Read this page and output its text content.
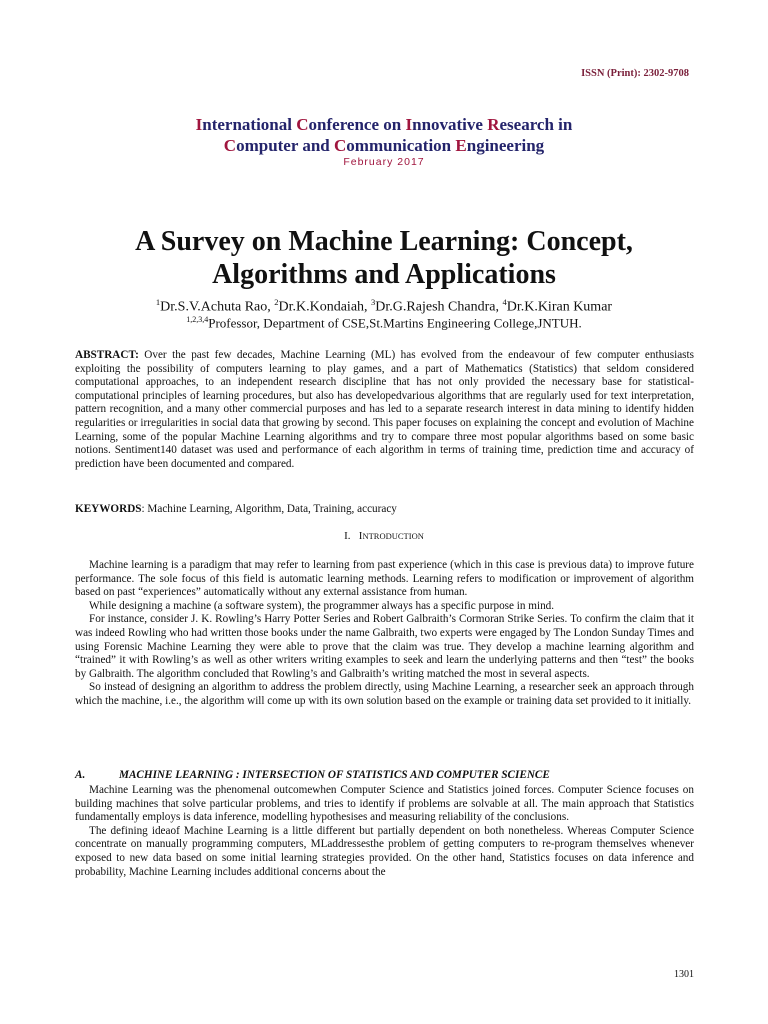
ISSN (Print): 2302-9708
International Conference on Innovative Research in
Computer and Communication Engineering
February 2017
A Survey on Machine Learning: Concept,
Algorithms and Applications
$^1$Dr.S.V.Achuta Rao, $^2$Dr.K.Kondaiah, $^3$Dr.G.Rajesh Chandra, $^4$Dr.K.Kiran Kumar
$^{1,2,3,4}$Professor, Department of CSE,St.Martins Engineering College,JNTUH.
ABSTRACT: Over the past few decades, Machine Learning (ML) has evolved from the endeavour of few computer enthusiasts exploiting the possibility of computers learning to play games, and a part of Mathematics (Statistics) that seldom considered computational approaches, to an independent research discipline that has not only provided the necessary base for statistical-computational principles of learning procedures, but also has developedvarious algorithms that are regularly used for text interpretation, pattern recognition, and a many other commercial purposes and has led to a separate research interest in data mining to identify hidden regularities or irregularities in social data that growing by second. This paper focuses on explaining the concept and evolution of Machine Learning, some of the popular Machine Learning algorithms and try to compare three most popular algorithms based on some basic notions. Sentiment140 dataset was used and performance of each algorithm in terms of training time, prediction time and accuracy of prediction have been documented and compared.
KEYWORDS: Machine Learning, Algorithm, Data, Training, accuracy
I. INTRODUCTION

Machine learning is a paradigm that may refer to learning from past experience (which in this case is previous data) to improve future performance. The sole focus of this field is automatic learning methods. Learning refers to modification or improvement of algorithm based on past “experiences” automatically without any external assistance from human.

While designing a machine (a software system), the programmer always has a specific purpose in mind.

For instance, consider J. K. Rowling’s Harry Potter Series and Robert Galbraith’s Cormoran Strike Series. To confirm the claim that it was indeed Rowling who had written those books under the name Galbraith, two experts were engaged by The London Sunday Times and using Forensic Machine Learning they were able to prove that the claim was true. They develop a machine learning algorithm and “trained” it with Rowling’s as well as other writers writing examples to seek and learn the underlying patterns and then “test” the books by Galbraith. The algorithm concluded that Rowling’s and Galbraith’s writing matched the most in several aspects.

So instead of designing an algorithm to address the problem directly, using Machine Learning, a researcher seek an approach through which the machine, i.e., the algorithm will come up with its own solution based on the example or training data set provided to it initially.

A.	MACHINE LEARNING : INTERSECTION OF STATISTICS AND COMPUTER SCIENCE

Machine Learning was the phenomenal outcomewhen Computer Science and Statistics joined forces. Computer Science focuses on building machines that solve particular problems, and tries to identify if problems are solvable at all. The main approach that Statistics fundamentally employs is data inference, modelling hypothesises and measuring reliability of the conclusions.

The defining ideaof Machine Learning is a little different but partially dependent on both nonetheless. Whereas Computer Science concentrate on manually programming computers, MLaddressesthe problem of getting computers to re-program themselves whenever exposed to new data based on some initial learning strategies provided. On the other hand, Statistics focuses on data inference and probability, Machine Learning includes additional concerns about the

1301
